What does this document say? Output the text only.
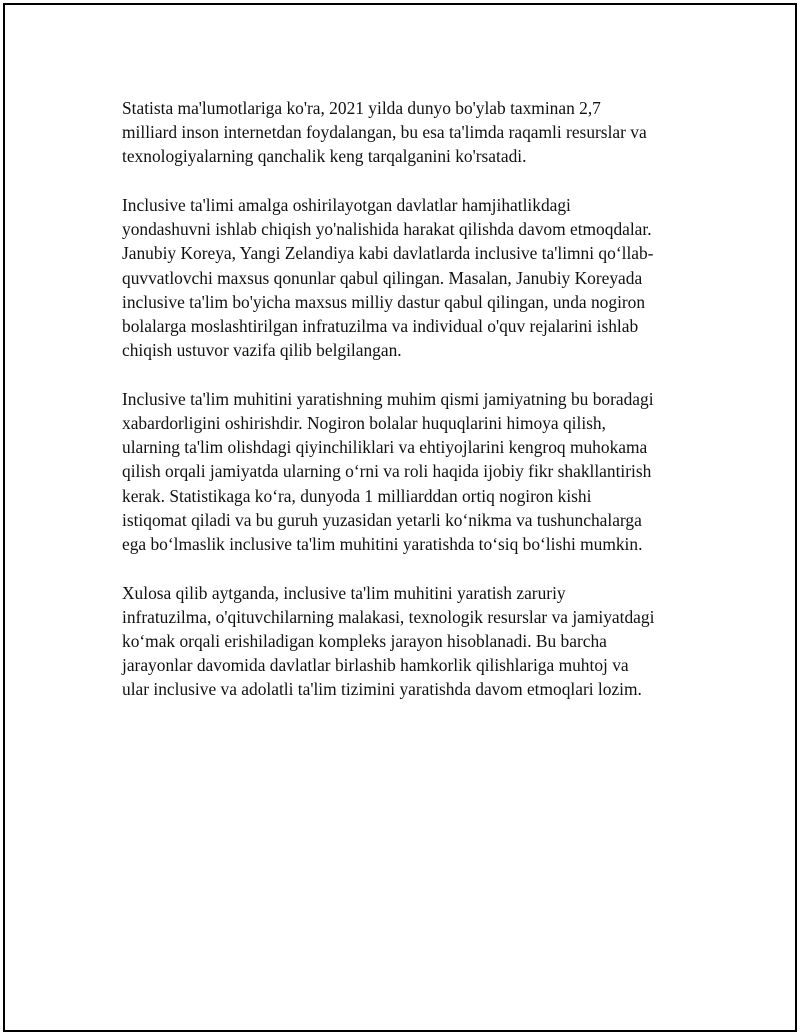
Statista ma'lumotlariga ko'ra, 2021 yilda dunyo bo'ylab taxminan 2,7
milliard inson internetdan foydalangan, bu esa ta'limda raqamli resurslar va
texnologiyalarning qanchalik keng tarqalganini ko'rsatadi.

Inclusive ta'limi amalga oshirilayotgan davlatlar hamjihatlikdagi
yondashuvni ishlab chiqish yo'nalishida harakat qilishda davom etmoqdalar.
Janubiy Koreya, Yangi Zelandiya kabi davlatlarda inclusive ta'limni qo‘llab-
quvvatlovchi maxsus qonunlar qabul qilingan. Masalan, Janubiy Koreyada
inclusive ta'lim bo'yicha maxsus milliy dastur qabul qilingan, unda nogiron
bolalarga moslashtirilgan infratuzilma va individual o'quv rejalarini ishlab
chiqish ustuvor vazifa qilib belgilangan.

Inclusive ta'lim muhitini yaratishning muhim qismi jamiyatning bu boradagi
xabardorligini oshirishdir. Nogiron bolalar huquqlarini himoya qilish,
ularning ta'lim olishdagi qiyinchiliklari va ehtiyojlarini kengroq muhokama
qilish orqali jamiyatda ularning o‘rni va roli haqida ijobiy fikr shakllantirish
kerak. Statistikaga ko‘ra, dunyoda 1 milliarddan ortiq nogiron kishi
istiqomat qiladi va bu guruh yuzasidan yetarli ko‘nikma va tushunchalarga
ega bo‘lmaslik inclusive ta'lim muhitini yaratishda to‘siq bo‘lishi mumkin.

Xulosa qilib aytganda, inclusive ta'lim muhitini yaratish zaruriy
infratuzilma, o'qituvchilarning malakasi, texnologik resurslar va jamiyatdagi
ko‘mak orqali erishiladigan kompleks jarayon hisoblanadi. Bu barcha
jarayonlar davomida davlatlar birlashib hamkorlik qilishlariga muhtoj va
ular inclusive va adolatli ta'lim tizimini yaratishda davom etmoqlari lozim.
